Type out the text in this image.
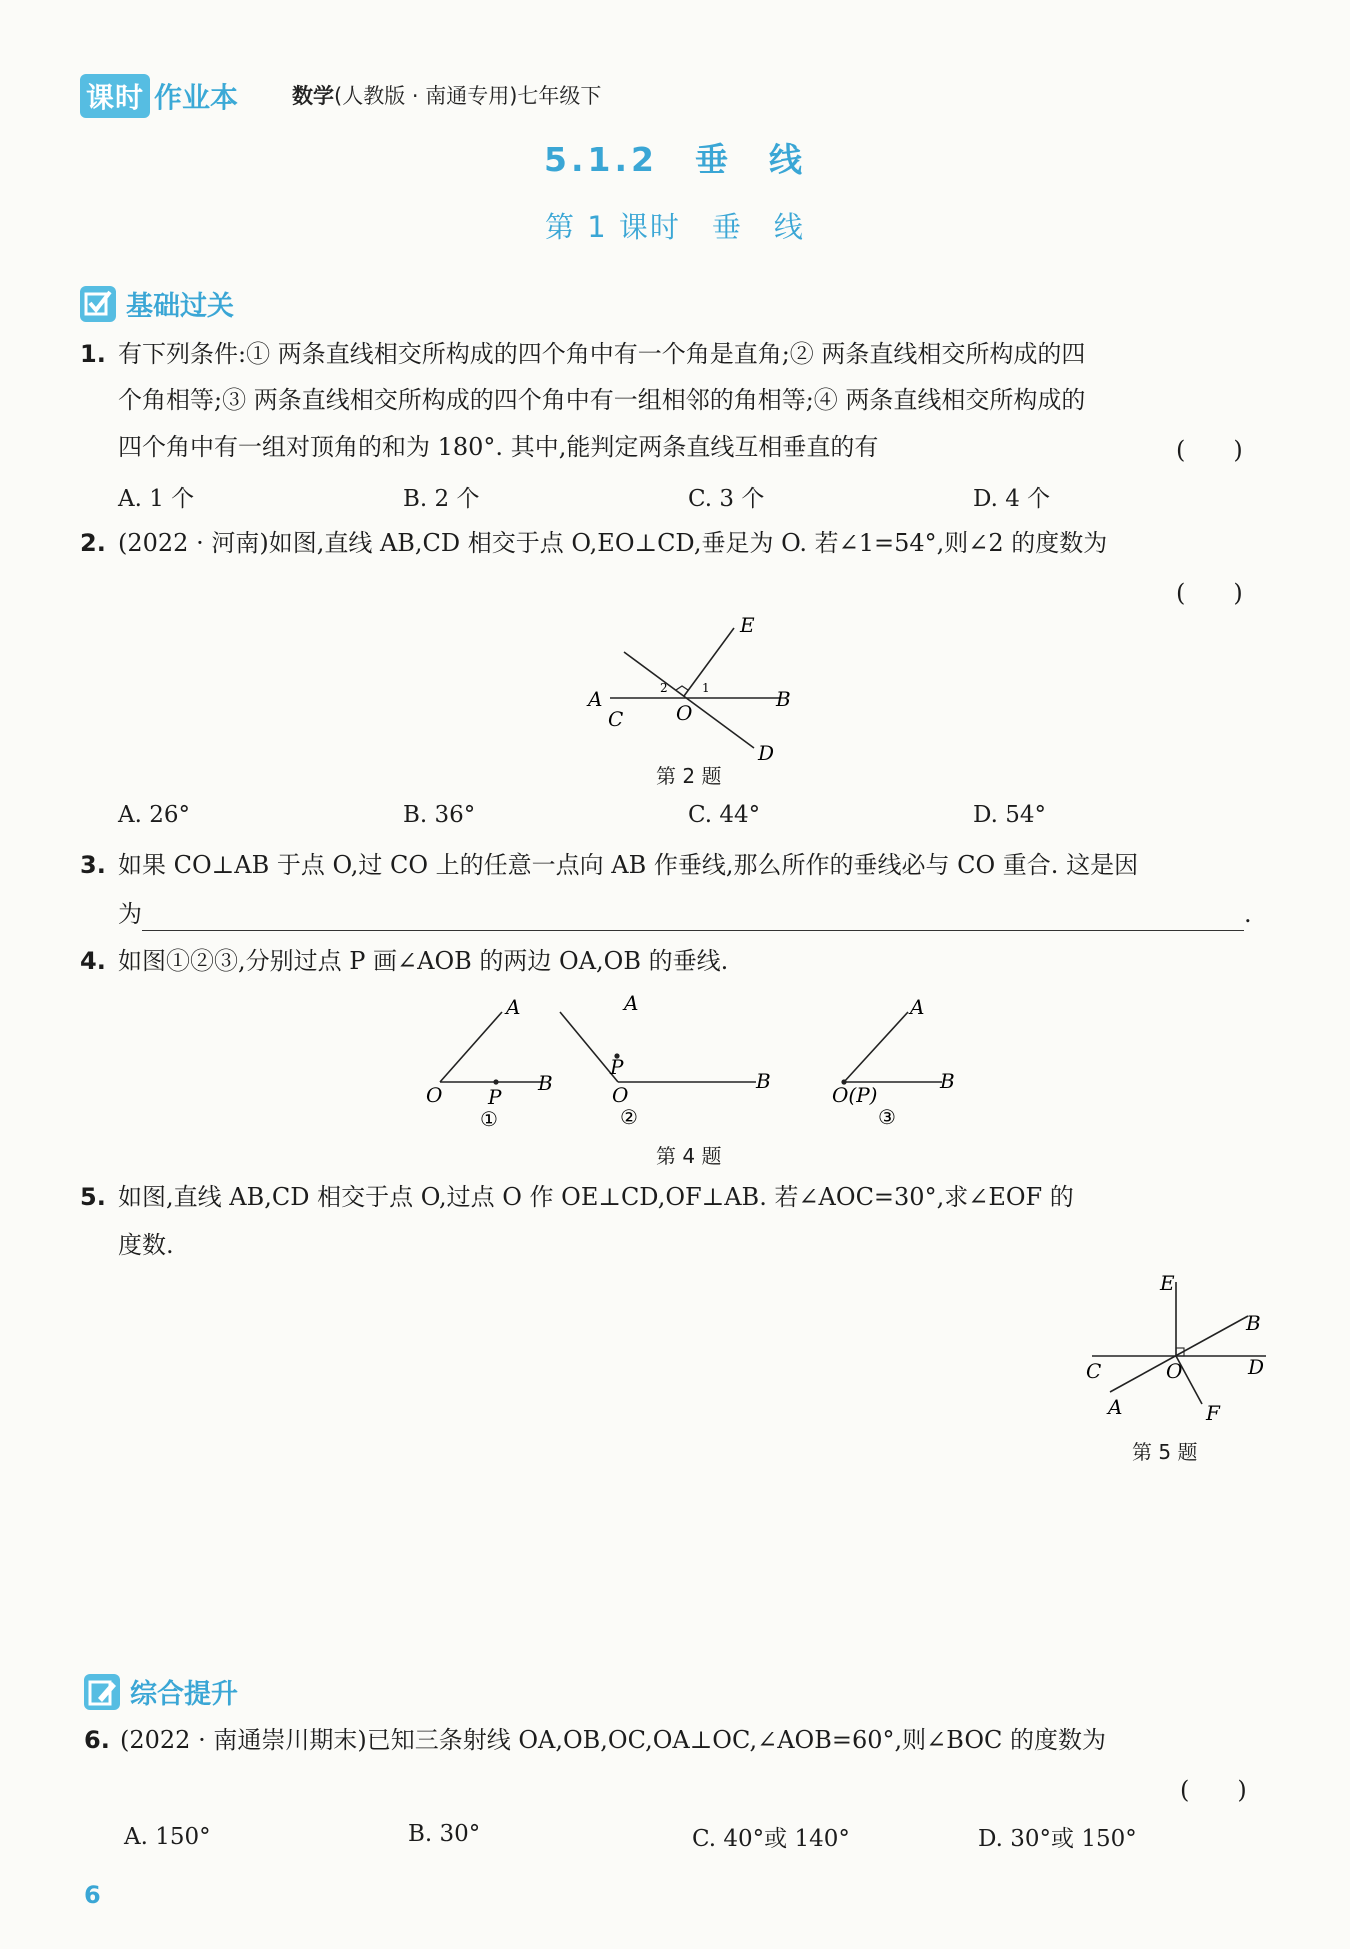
课时 作业本	数学(人教版 · 南通专用)七年级下
5.1.2　垂　线
第 1 课时　垂　线
基础过关
1. 有下列条件:① 两条直线相交所构成的四个角中有一个角是直角;② 两条直线相交所构成的四
个角相等;③ 两条直线相交所构成的四个角中有一组相邻的角相等;④ 两条直线相交所构成的
四个角中有一组对顶角的和为 180°. 其中,能判定两条直线互相垂直的有	(　　)
A. 1 个	B. 2 个	C. 3 个	D. 4 个
2. (2022 · 河南)如图,直线 AB,CD 相交于点 O,EO⊥CD,垂足为 O. 若∠1=54°,则∠2 的度数为
(　　)
C
E
A	B
O
D
1
2
第 2 题
A. 26°	B. 36°	C. 44°	D. 54°
3. 如果 CO⊥AB 于点 O,过 CO 上的任意一点向 AB 作垂线,那么所作的垂线必与 CO 重合. 这是因
为	.
4. 如图①②③,分别过点 P 画∠AOB 的两边 OA,OB 的垂线.
A
O P
B
①
A
P
O
B
②
A
O(P)
B
③
第 4 题
5. 如图,直线 AB,CD 相交于点 O,过点 O 作 OE⊥CD,OF⊥AB. 若∠AOC=30°,求∠EOF 的
度数.
E
B
C	O	D
A	F
第 5 题
综合提升
6. (2022 · 南通崇川期末)已知三条射线 OA,OB,OC,OA⊥OC,∠AOB=60°,则∠BOC 的度数为
(　　)
A. 150°	B. 30°	C. 40°或 140°	D. 30°或 150°
6
